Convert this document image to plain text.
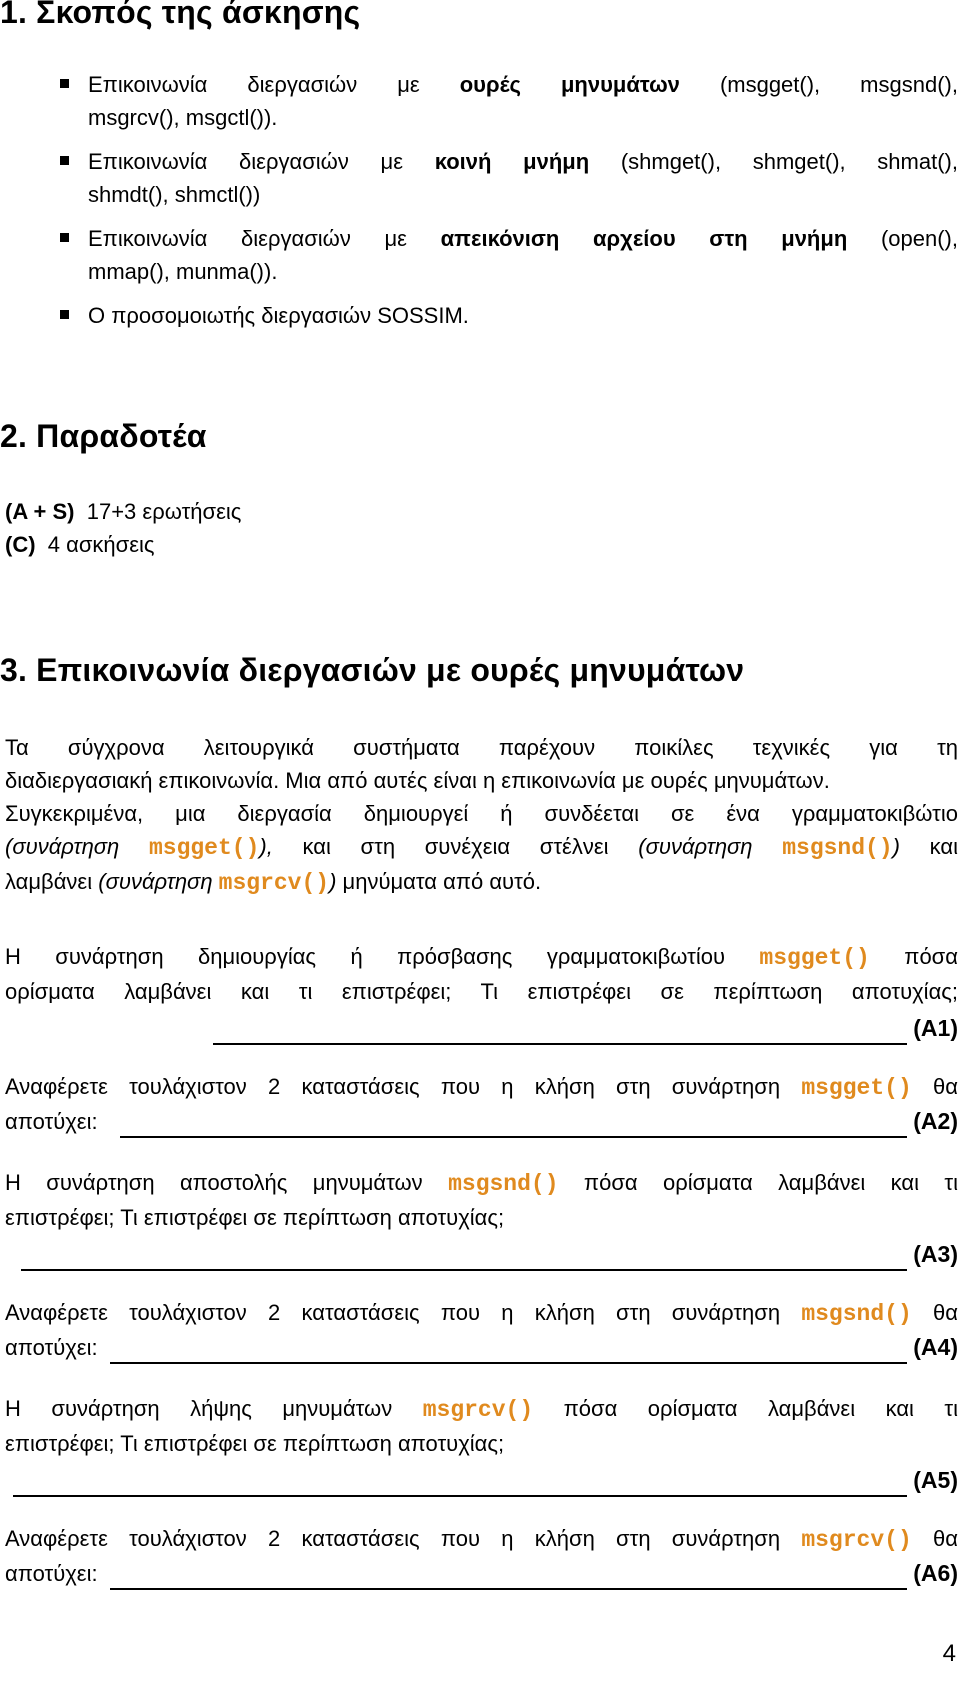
1. Σκοπός της άσκησης
Επικοινωνία διεργασιών με ουρές μηνυμάτων (msgget(), msgsnd(),
msgrcv(), msgctl()).
Επικοινωνία διεργασιών με κοινή μνήμη (shmget(), shmget(), shmat(),
shmdt(), shmctl())
Επικοινωνία διεργασιών με απεικόνιση αρχείου στη μνήμη (open(),
mmap(), munma()).
Ο προσομοιωτής διεργασιών SOSSIM.
2. Παραδοτέα
(A + S) 17+3 ερωτήσεις
(C) 4 ασκήσεις
3. Επικοινωνία διεργασιών με ουρές μηνυμάτων
Τα σύγχρονα λειτουργικά συστήματα παρέχουν ποικίλες τεχνικές για τη
διαδιεργασιακή επικοινωνία. Μια από αυτές είναι η επικοινωνία με ουρές μηνυμάτων.
Συγκεκριμένα, μια διεργασία δημιουργεί ή συνδέεται σε ένα γραμματοκιβώτιο
(συνάρτηση msgget()), και στη συνέχεια στέλνει (συνάρτηση msgsnd()) και
λαμβάνει (συνάρτηση msgrcv()) μηνύματα από αυτό.
Η συνάρτηση δημιουργίας ή πρόσβασης γραμματοκιβωτίου msgget() πόσα
ορίσματα λαμβάνει και τι επιστρέφει; Τι επιστρέφει σε περίπτωση αποτυχίας;
(A1)
Αναφέρετε τουλάχιστον 2 καταστάσεις που η κλήση στη συνάρτηση msgget() θα
αποτύχει:	(A2)
Η συνάρτηση αποστολής μηνυμάτων msgsnd() πόσα ορίσματα λαμβάνει και τι
επιστρέφει; Τι επιστρέφει σε περίπτωση αποτυχίας;
(A3)
Αναφέρετε τουλάχιστον 2 καταστάσεις που η κλήση στη συνάρτηση msgsnd() θα
αποτύχει:	(A4)
Η συνάρτηση λήψης μηνυμάτων msgrcv() πόσα ορίσματα λαμβάνει και τι
επιστρέφει; Τι επιστρέφει σε περίπτωση αποτυχίας;
(A5)
Αναφέρετε τουλάχιστον 2 καταστάσεις που η κλήση στη συνάρτηση msgrcv() θα
αποτύχει:	(A6)
4
